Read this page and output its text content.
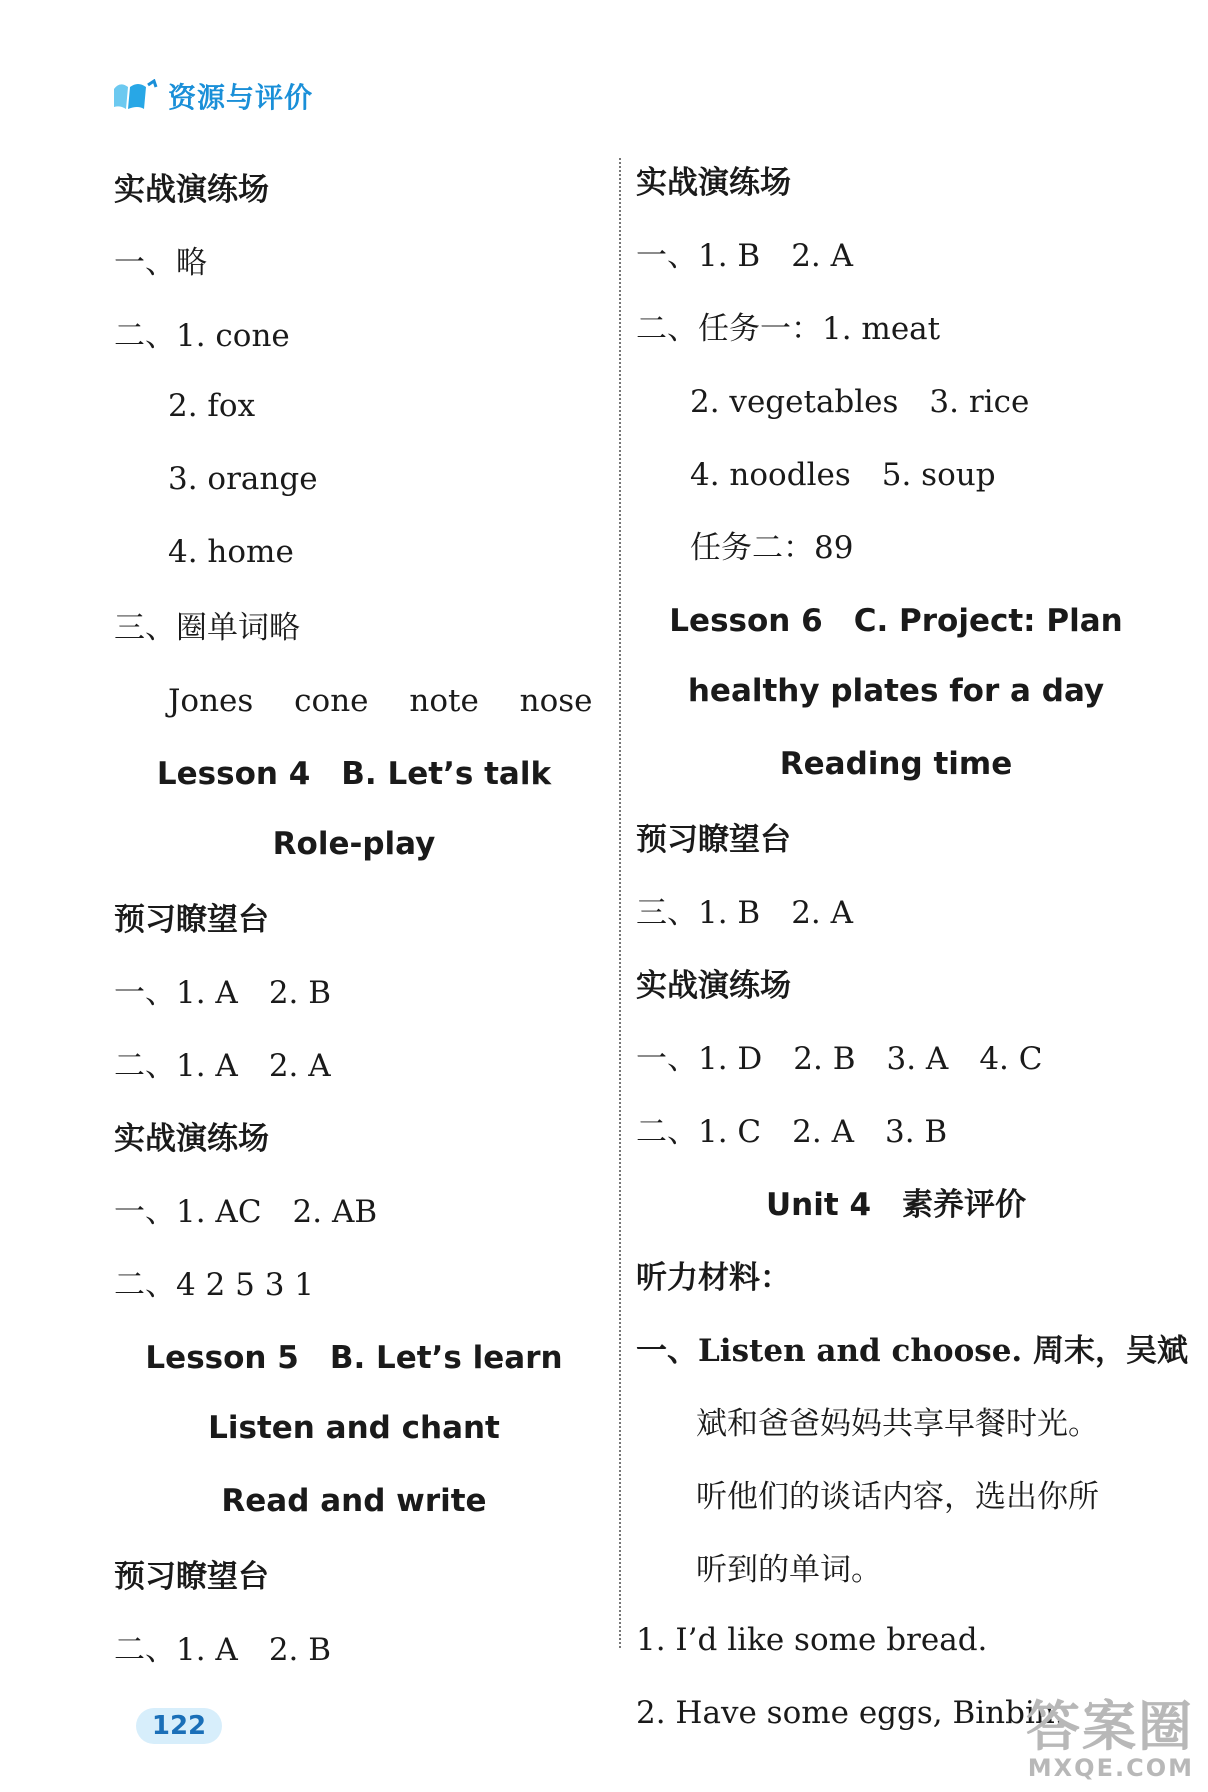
资源与评价
实战演练场
一、略
二、1. cone
2. fox
3. orange
4. home
三、圈单词略
Jones　 cone　 note　 nose
Lesson 4　B. Let’s talk
Role-play
预习瞭望台
一、1. A　2. B
二、1. A　2. A
实战演练场
一、1. AC　2. AB
二、4 2 5 3 1
Lesson 5　B. Let’s learn
Listen and chant
Read and write
预习瞭望台
二、1. A　2. B
实战演练场
一、1. B　2. A
二、任务一：1. meat
2. vegetables　3. rice
4. noodles　5. soup
任务二：89
Lesson 6　C. Project: Plan
healthy plates for a day
Reading time
预习瞭望台
三、1. B　2. A
实战演练场
一、1. D　2. B　3. A　4. C
二、1. C　2. A　3. B
Unit 4　素养评价
听力材料：
一、Listen and choose. 周末，吴斌
斌和爸爸妈妈共享早餐时光。
听他们的谈话内容，选出你所
听到的单词。
1. I’d like some bread.
2. Have some eggs, Binbin.
122	答案圈
MXQE.COM
